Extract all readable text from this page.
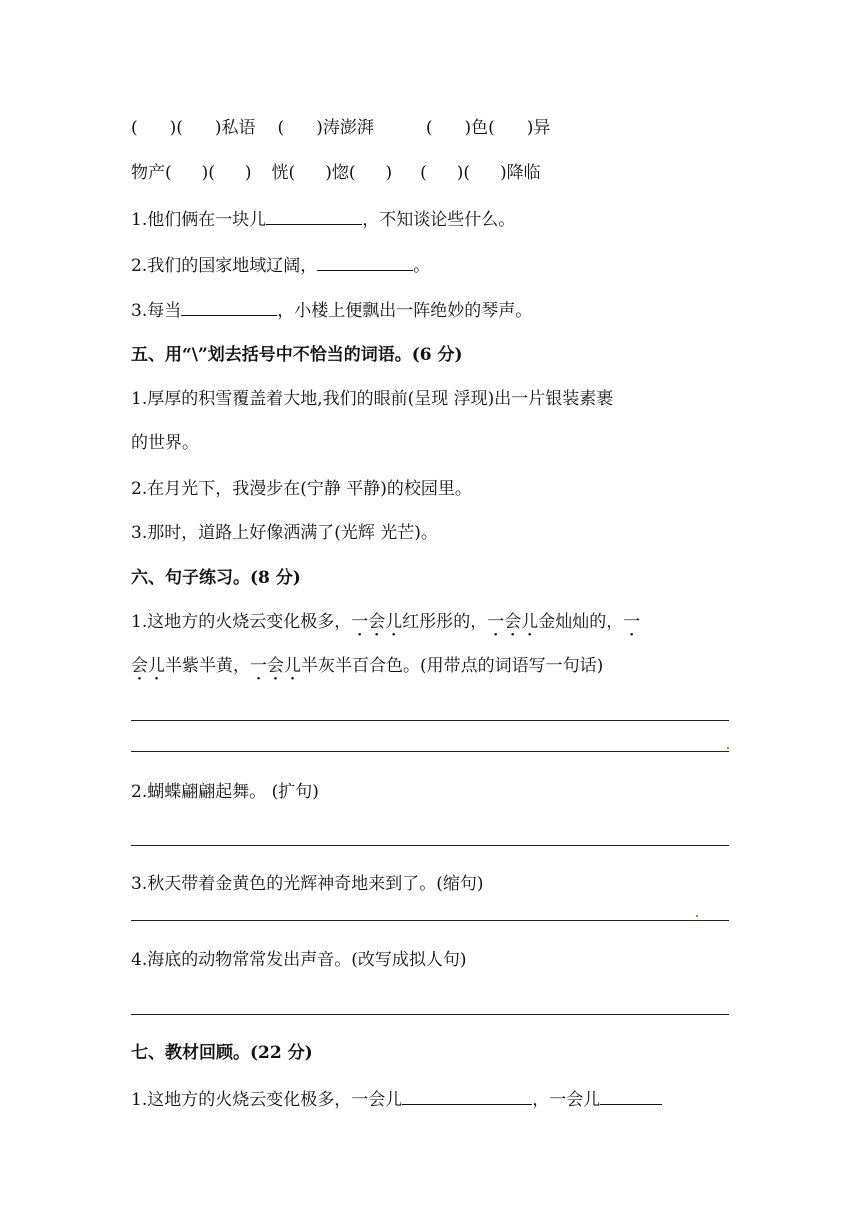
( )( )私语 ( )涛澎湃	( )色( )异
物产( )( ) 恍( )惚( ) ( )( )降临
1.他们俩在一块儿	，不知谈论些什么。
2.我们的国家地域辽阔，	。
3.每当	，小楼上便飘出一阵绝妙的琴声。
五、用“\”划去括号中不恰当的词语。(6 分)
1.厚厚的积雪覆盖着大地,我们的眼前(呈现 浮现)出一片银装素裹
的世界。
2.在月光下，我漫步在(宁静 平静)的校园里。
3.那时，道路上好像洒满了(光辉 光芒)。
六、句子练习。(8 分)
1.这地方的火烧云变化极多，一会儿红彤彤的，一会儿金灿灿的，一
会儿半紫半黄，一会儿半灰半百合色。(用带点的词语写一句话)
2.蝴蝶翩翩起舞。 (扩句)
3.秋天带着金黄色的光辉神奇地来到了。(缩句)
4.海底的动物常常发出声音。(改写成拟人句)
七、教材回顾。(22 分)
1.这地方的火烧云变化极多，一会儿	，一会儿
